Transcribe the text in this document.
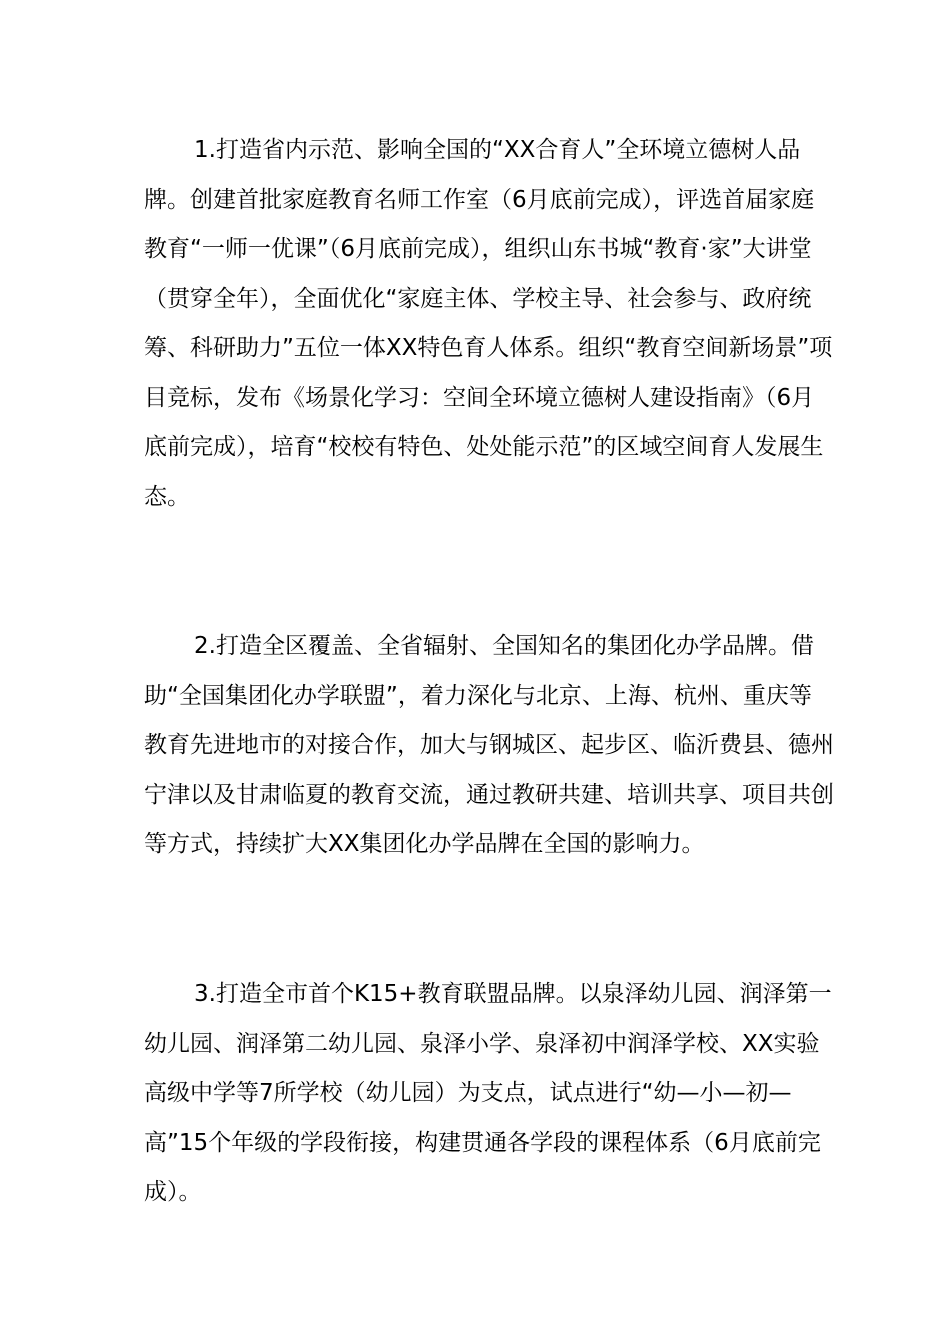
1.打造省内示范、影响全国的“XX合育人”全环境立德树人品牌。创建首批家庭教育名师工作室（6月底前完成），评选首届家庭教育“一师一优课”（6月底前完成），组织山东书城“教育·家”大讲堂（贯穿全年），全面优化“家庭主体、学校主导、社会参与、政府统筹、科研助力”五位一体XX特色育人体系。组织“教育空间新场景”项目竞标，发布《场景化学习：空间全环境立德树人建设指南》（6月底前完成），培育“校校有特色、处处能示范”的区域空间育人发展生态。

2.打造全区覆盖、全省辐射、全国知名的集团化办学品牌。借助“全国集团化办学联盟”，着力深化与北京、上海、杭州、重庆等教育先进地市的对接合作，加大与钢城区、起步区、临沂费县、德州宁津以及甘肃临夏的教育交流，通过教研共建、培训共享、项目共创等方式，持续扩大XX集团化办学品牌在全国的影响力。

3.打造全市首个K15+教育联盟品牌。以泉泽幼儿园、润泽第一幼儿园、润泽第二幼儿园、泉泽小学、泉泽初中润泽学校、XX实验高级中学等7所学校（幼儿园）为支点，试点进行“幼—小—初—高”15个年级的学段衔接，构建贯通各学段的课程体系（6月底前完成）。
